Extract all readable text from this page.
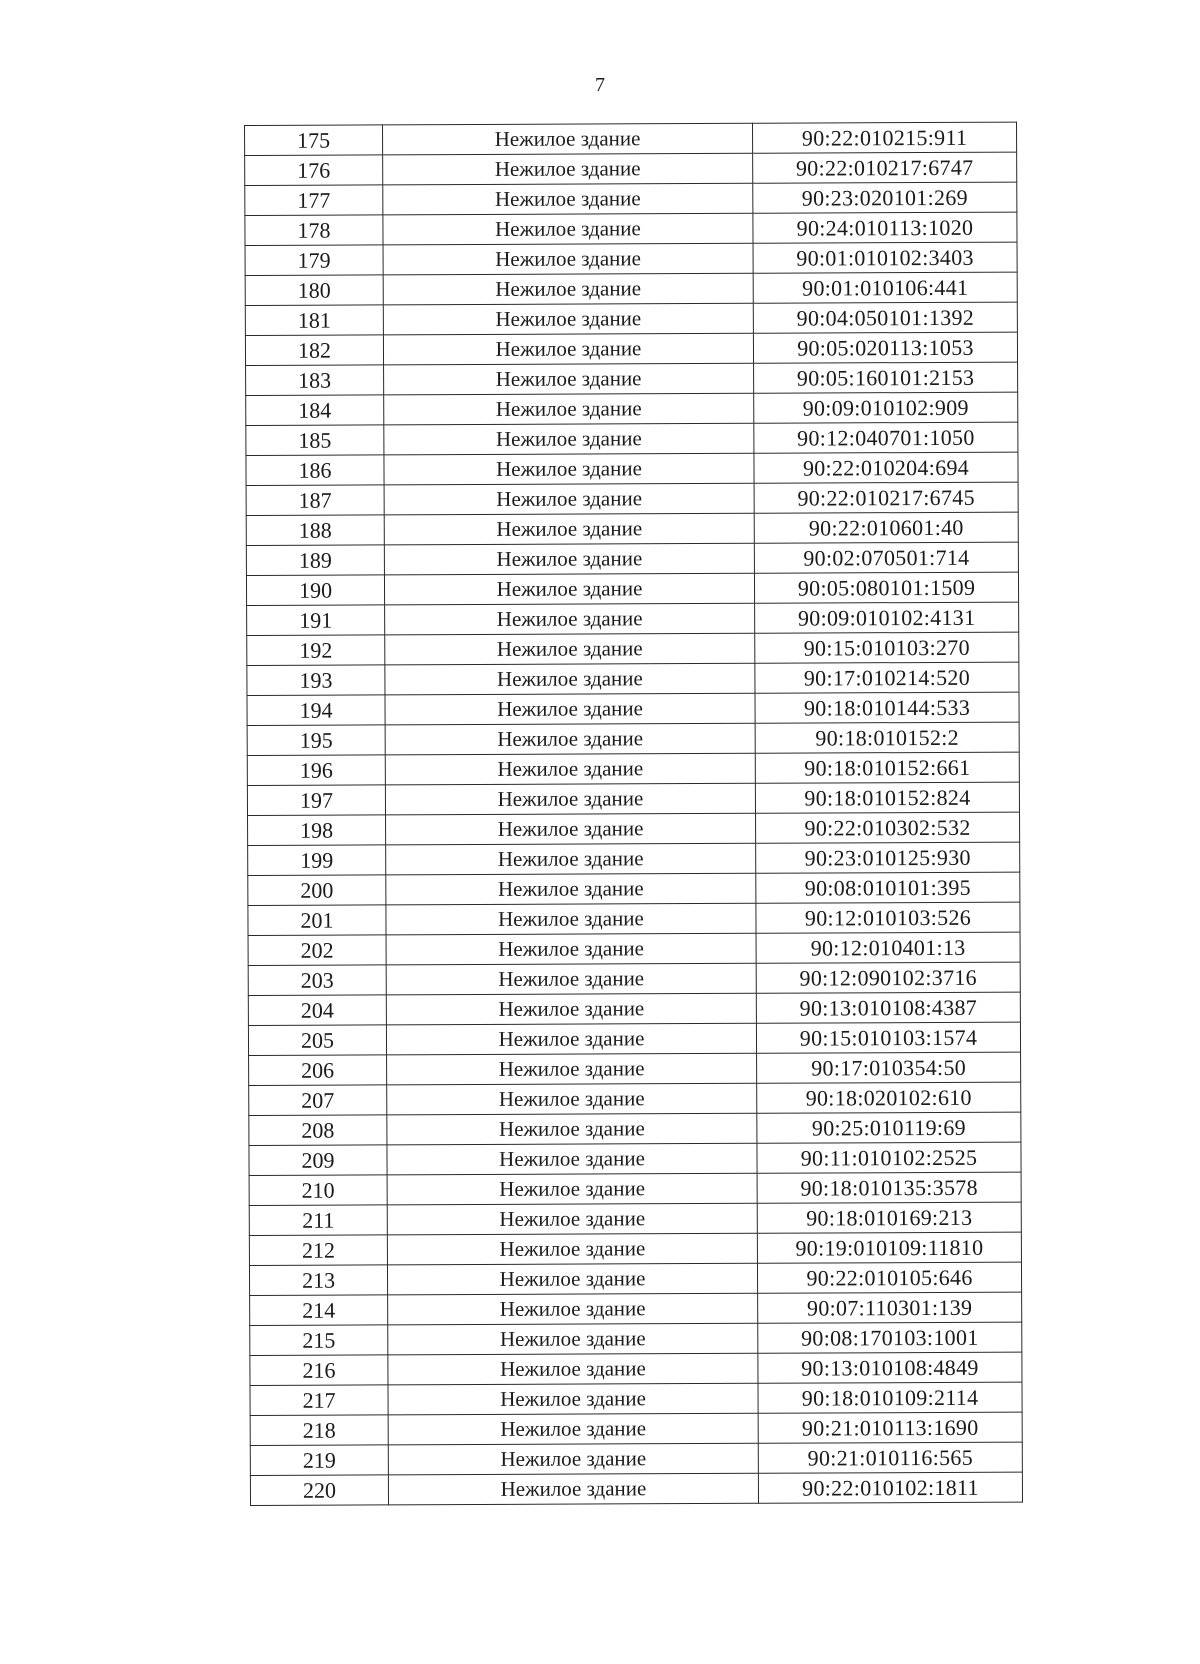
7
175	Нежилое здание	90:22:010215:911
176	Нежилое здание	90:22:010217:6747
177	Нежилое здание	90:23:020101:269
178	Нежилое здание	90:24:010113:1020
179	Нежилое здание	90:01:010102:3403
180	Нежилое здание	90:01:010106:441
181	Нежилое здание	90:04:050101:1392
182	Нежилое здание	90:05:020113:1053
183	Нежилое здание	90:05:160101:2153
184	Нежилое здание	90:09:010102:909
185	Нежилое здание	90:12:040701:1050
186	Нежилое здание	90:22:010204:694
187	Нежилое здание	90:22:010217:6745
188	Нежилое здание	90:22:010601:40
189	Нежилое здание	90:02:070501:714
190	Нежилое здание	90:05:080101:1509
191	Нежилое здание	90:09:010102:4131
192	Нежилое здание	90:15:010103:270
193	Нежилое здание	90:17:010214:520
194	Нежилое здание	90:18:010144:533
195	Нежилое здание	90:18:010152:2
196	Нежилое здание	90:18:010152:661
197	Нежилое здание	90:18:010152:824
198	Нежилое здание	90:22:010302:532
199	Нежилое здание	90:23:010125:930
200	Нежилое здание	90:08:010101:395
201	Нежилое здание	90:12:010103:526
202	Нежилое здание	90:12:010401:13
203	Нежилое здание	90:12:090102:3716
204	Нежилое здание	90:13:010108:4387
205	Нежилое здание	90:15:010103:1574
206	Нежилое здание	90:17:010354:50
207	Нежилое здание	90:18:020102:610
208	Нежилое здание	90:25:010119:69
209	Нежилое здание	90:11:010102:2525
210	Нежилое здание	90:18:010135:3578
211	Нежилое здание	90:18:010169:213
212	Нежилое здание	90:19:010109:11810
213	Нежилое здание	90:22:010105:646
214	Нежилое здание	90:07:110301:139
215	Нежилое здание	90:08:170103:1001
216	Нежилое здание	90:13:010108:4849
217	Нежилое здание	90:18:010109:2114
218	Нежилое здание	90:21:010113:1690
219	Нежилое здание	90:21:010116:565
220	Нежилое здание	90:22:010102:1811
